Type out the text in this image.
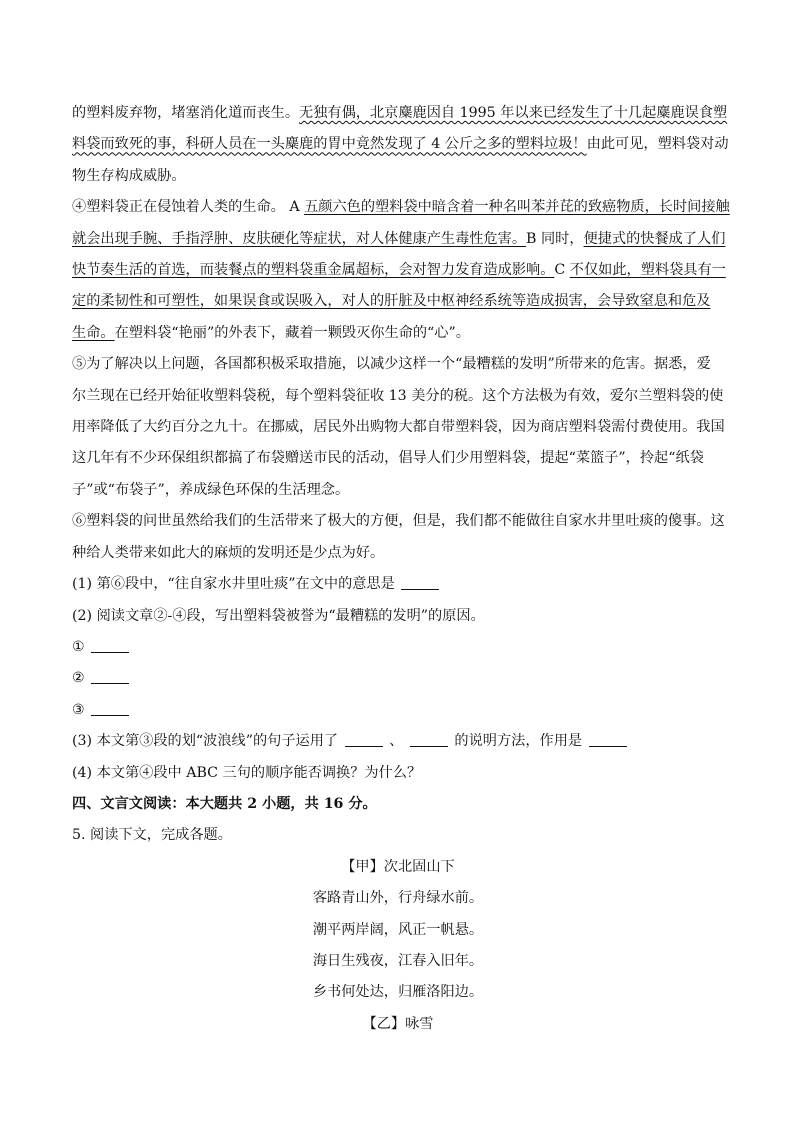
的塑料废弃物，堵塞消化道而丧生。无独有偶，北京麋鹿因自 1995 年以来已经发生了十几起麋鹿误食塑

料袋而致死的事，科研人员在一头麋鹿的胃中竟然发现了 4 公斤之多的塑料垃圾！由此可见，塑料袋对动

物生存构成威胁。

④塑料袋正在侵蚀着人类的生命。 A 五颜六色的塑料袋中暗含着一种名叫苯并芘的致癌物质，长时间接触

就会出现手腕、手指浮肿、皮肤硬化等症状，对人体健康产生毒性危害。B 同时，便捷式的快餐成了人们

快节奏生活的首选，而装餐点的塑料袋重金属超标，会对智力发育造成影响。C 不仅如此，塑料袋具有一

定的柔韧性和可塑性，如果误食或误吸入，对人的肝脏及中枢神经系统等造成损害，会导致窒息和危及

生命。在塑料袋“艳丽”的外表下，藏着一颗毁灭你生命的“心”。

⑤为了解决以上问题，各国都积极采取措施，以减少这样一个“最糟糕的发明”所带来的危害。据悉，爱

尔兰现在已经开始征收塑料袋税，每个塑料袋征收 13 美分的税。这个方法极为有效，爱尔兰塑料袋的使

用率降低了大约百分之九十。在挪威，居民外出购物大都自带塑料袋，因为商店塑料袋需付费使用。我国

这几年有不少环保组织都搞了布袋赠送市民的活动，倡导人们少用塑料袋，提起“菜篮子”，拎起“纸袋

子”或“布袋子”，养成绿色环保的生活理念。

⑥塑料袋的问世虽然给我们的生活带来了极大的方便，但是，我们都不能做往自家水井里吐痰的傻事。这

种给人类带来如此大的麻烦的发明还是少点为好。

(1) 第⑥段中，“往自家水井里吐痰”在文中的意思是

(2) 阅读文章②-④段，写出塑料袋被誉为“最糟糕的发明”的原因。

①

②

③

(3) 本文第③段的划“波浪线”的句子运用了	、	的说明方法，作用是

(4) 本文第④段中 ABC 三句的顺序能否调换？为什么？

四、文言文阅读：本大题共 2 小题，共 16 分。

5. 阅读下文，完成各题。

【甲】次北固山下

客路青山外，行舟绿水前。

潮平两岸阔，风正一帆悬。

海日生残夜，江春入旧年。

乡书何处达，归雁洛阳边。

【乙】咏雪
